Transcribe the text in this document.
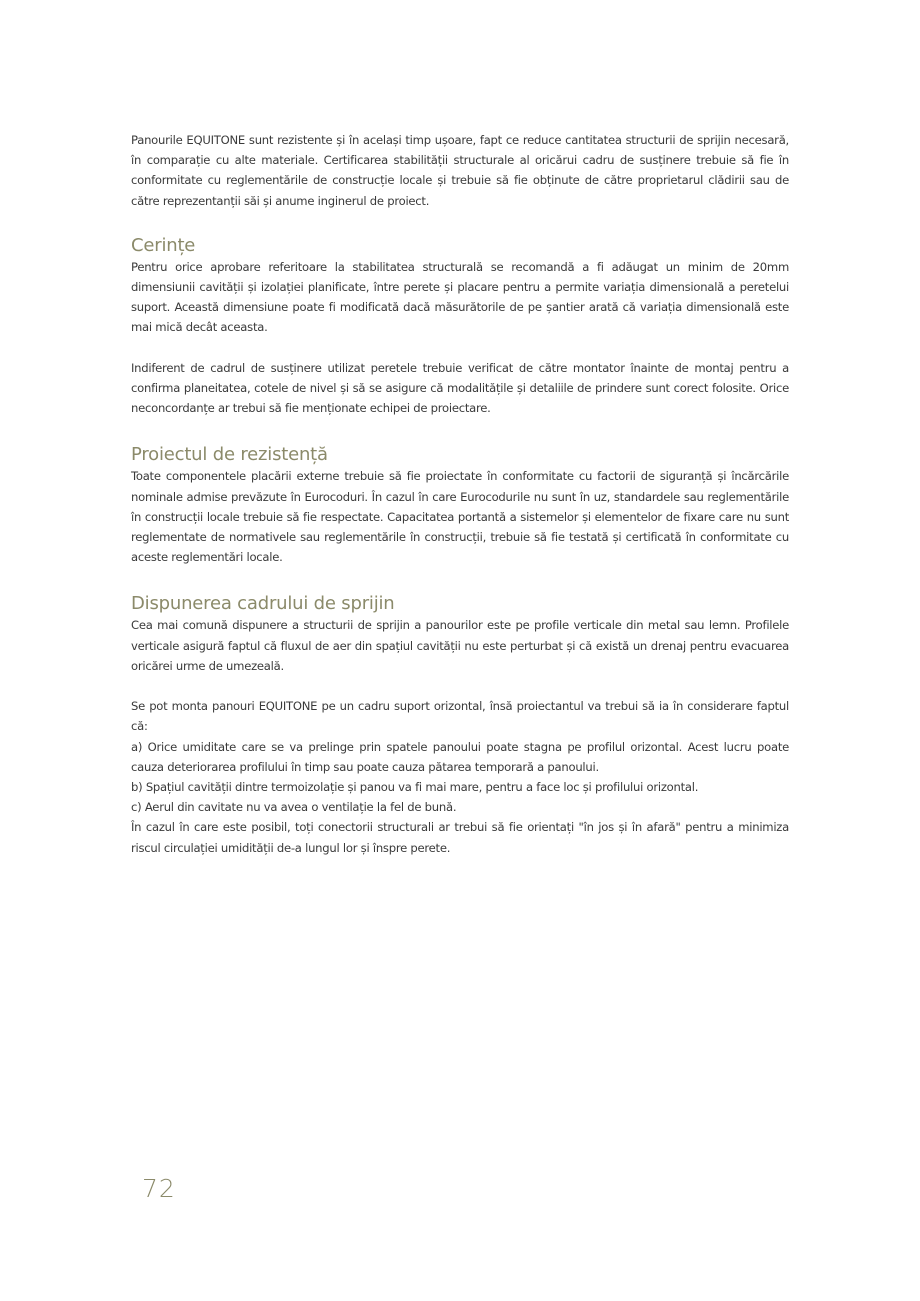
Panourile EQUITONE sunt rezistente și în același timp ușoare, fapt ce reduce cantitatea structurii de sprijin necesară, în comparație cu alte materiale. Certificarea stabilității structurale al oricărui cadru de susținere trebuie să fie în conformitate cu reglementările de construcție locale și trebuie să fie obținute de către proprietarul clădirii sau de către reprezentanții săi și anume inginerul de proiect.

Cerințe

Pentru orice aprobare referitoare la stabilitatea structurală se recomandă a fi adăugat un minim de 20mm dimensiunii cavității și izolației planificate, între perete și placare pentru a permite variația dimensională a peretelui suport. Această dimensiune poate fi modificată dacă măsurătorile de pe șantier arată că variația dimensională este mai mică decât aceasta.

Indiferent de cadrul de susținere utilizat peretele trebuie verificat de către montator înainte de montaj pentru a confirma planeitatea, cotele de nivel și să se asigure că modalitățile și detaliile de prindere sunt corect folosite. Orice neconcordanțe ar trebui să fie menționate echipei de proiectare.

Proiectul de rezistență

Toate componentele placării externe trebuie să fie proiectate în conformitate cu factorii de siguranță și încărcările nominale admise prevăzute în Eurocoduri. În cazul în care Eurocodurile nu sunt în uz, standardele sau reglementările în construcții locale trebuie să fie respectate. Capacitatea portantă a sistemelor și elementelor de fixare care nu sunt reglementate de normativele sau reglementările în construcții, trebuie să fie testată și certificată în conformitate cu aceste reglementări locale.

Dispunerea cadrului de sprijin

Cea mai comună dispunere a structurii de sprijin a panourilor este pe profile verticale din metal sau lemn. Profilele verticale asigură faptul că fluxul de aer din spațiul cavității nu este perturbat și că există un drenaj pentru evacuarea oricărei urme de umezeală.

Se pot monta panouri EQUITONE pe un cadru suport orizontal, însă proiectantul va trebui să ia în considerare faptul că:

a) Orice umiditate care se va prelinge prin spatele panoului poate stagna pe profilul orizontal. Acest lucru poate cauza deteriorarea profilului în timp sau poate cauza pătarea temporară a panoului.

b) Spațiul cavității dintre termoizolație și panou va fi mai mare, pentru a face loc și profilului orizontal.

c) Aerul din cavitate nu va avea o ventilație la fel de bună.

În cazul în care este posibil, toți conectorii structurali ar trebui să fie orientați "în jos și în afară" pentru a minimiza riscul circulației umidității de-a lungul lor și înspre perete.

72
